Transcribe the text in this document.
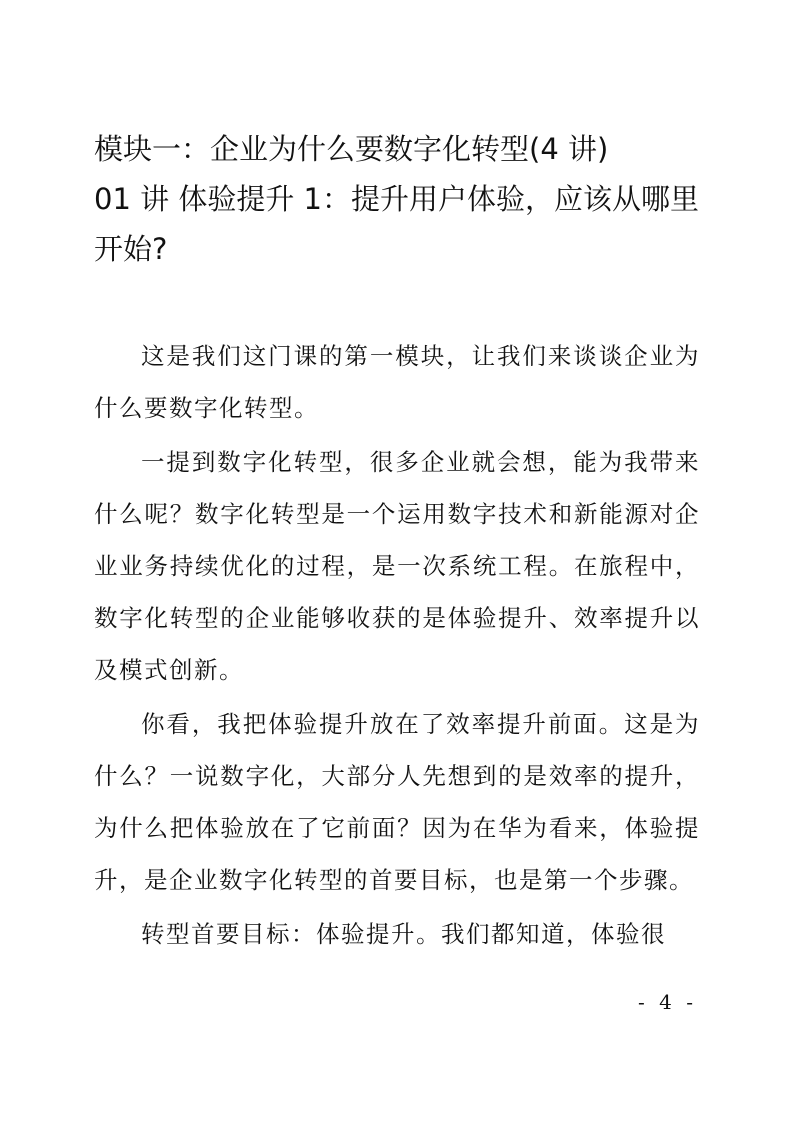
模块一：企业为什么要数字化转型(4 讲)
01 讲 体验提升 1：提升用户体验，应该从哪里开始?

这是我们这门课的第一模块，让我们来谈谈企业为什么要数字化转型。

一提到数字化转型，很多企业就会想，能为我带来什么呢？数字化转型是一个运用数字技术和新能源对企业业务持续优化的过程，是一次系统工程。在旅程中，数字化转型的企业能够收获的是体验提升、效率提升以及模式创新。

你看，我把体验提升放在了效率提升前面。这是为什么？一说数字化，大部分人先想到的是效率的提升，为什么把体验放在了它前面？因为在华为看来，体验提升，是企业数字化转型的首要目标，也是第一个步骤。

转型首要目标：体验提升。我们都知道，体验很

- 4 -
